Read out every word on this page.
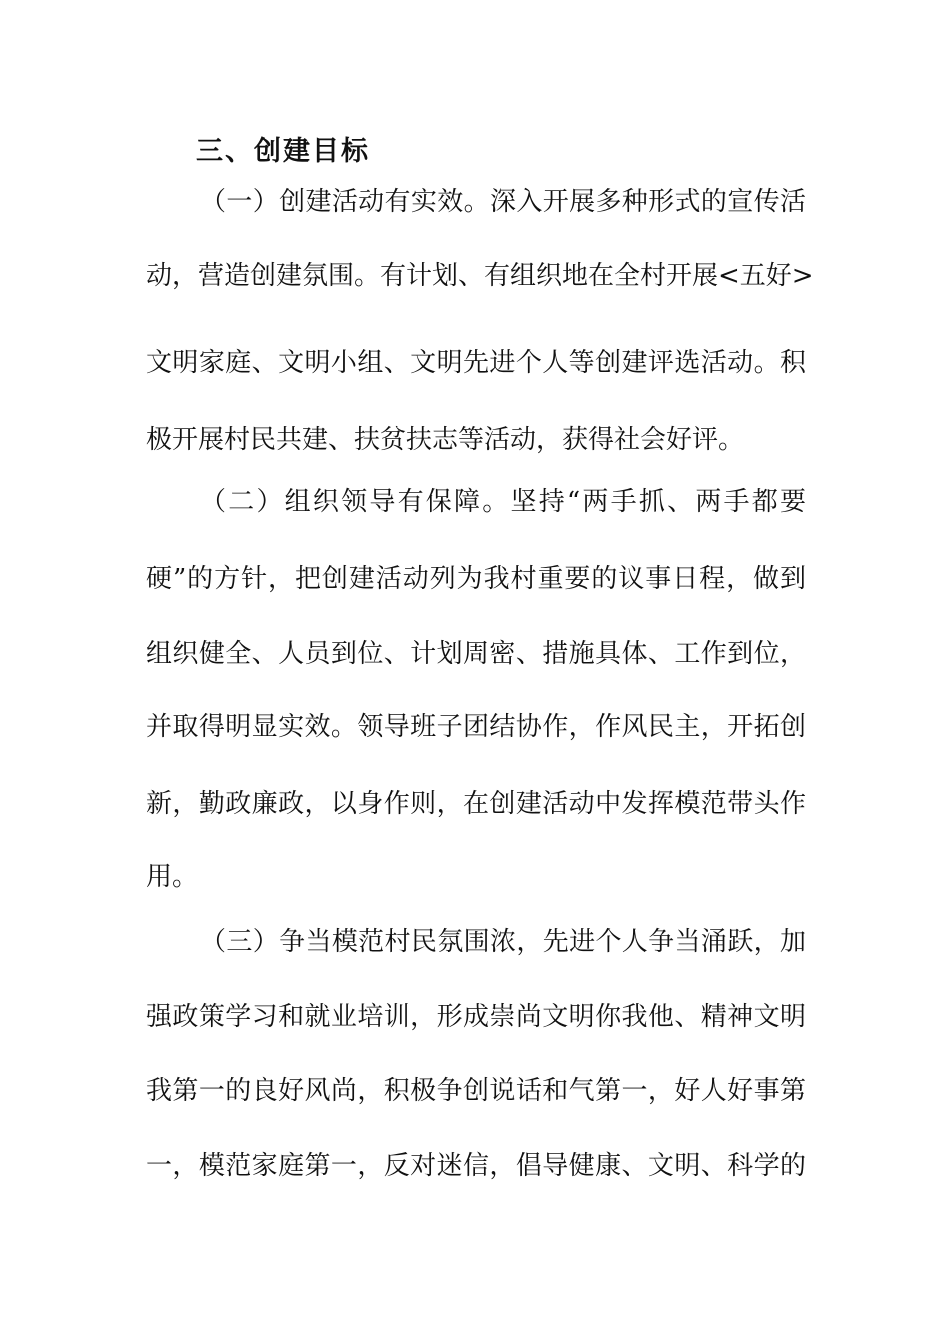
三、创建目标
（一）创建活动有实效。深入开展多种形式的宣传活
动，营造创建氛围。有计划、有组织地在全村开展<五好>
文明家庭、文明小组、文明先进个人等创建评选活动。积
极开展村民共建、扶贫扶志等活动，获得社会好评。
（二）组织领导有保障。坚持“两手抓、两手都要
硬”的方针，把创建活动列为我村重要的议事日程，做到
组织健全、人员到位、计划周密、措施具体、工作到位，
并取得明显实效。领导班子团结协作，作风民主，开拓创
新，勤政廉政，以身作则，在创建活动中发挥模范带头作
用。
（三）争当模范村民氛围浓，先进个人争当涌跃，加
强政策学习和就业培训，形成崇尚文明你我他、精神文明
我第一的良好风尚，积极争创说话和气第一，好人好事第
一，模范家庭第一，反对迷信，倡导健康、文明、科学的
